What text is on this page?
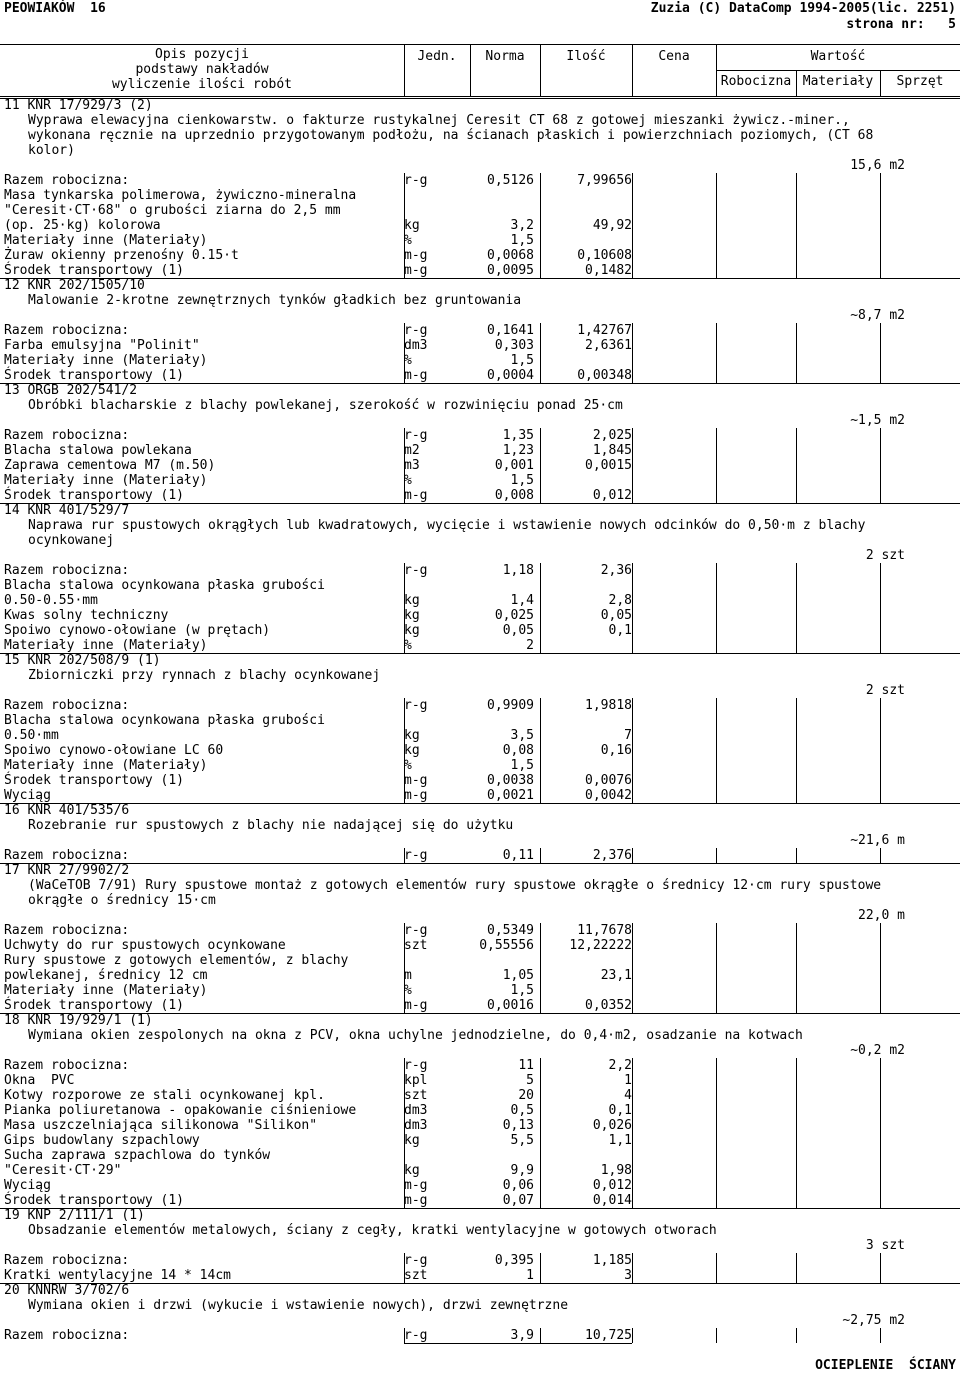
PEOWIAKÓW  16	Zuzia (C) DataComp 1994-2005(lic. 2251)
strona nr:   5
Opis pozycji
podstawy nakładów
wyliczenie ilości robót
Jedn.	Norma	Ilość	Cena	Wartość
Robocizna Materiały	Sprzęt
11 KNR 17/929/3 (2)
Wyprawa elewacyjna cienkowarstw. o fakturze rustykalnej Ceresit CT 68 z gotowej mieszanki żywicz.-miner.,
wykonana ręcznie na uprzednio przygotowanym podłożu, na ścianach płaskich i powierzchniach poziomych, (CT 68
kolor)
15,6 m2
Razem robocizna:	r-g	0,5126	7,99656
Masa tynkarska polimerowa, żywiczno-mineralna
"Ceresit·CT·68" o grubości ziarna do 2,5 mm
(op. 25·kg) kolorowa	kg	3,2	49,92
Materiały inne (Materiały)	%	1,5
Żuraw okienny przenośny 0.15·t	m-g	0,0068	0,10608
Środek transportowy (1)	m-g	0,0095	0,1482
12 KNR 202/1505/10
Malowanie 2-krotne zewnętrznych tynków gładkich bez gruntowania
~8,7 m2
Razem robocizna:	r-g	0,1641	1,42767
Farba emulsyjna "Polinit"	dm3	0,303	2,6361
Materiały inne (Materiały)	%	1,5
Środek transportowy (1)	m-g	0,0004	0,00348
13 ORGB 202/541/2
Obróbki blacharskie z blachy powlekanej, szerokość w rozwinięciu ponad 25·cm
~1,5 m2
Razem robocizna:	r-g	1,35	2,025
Blacha stalowa powlekana	m2	1,23	1,845
Zaprawa cementowa M7 (m.50)	m3	0,001	0,0015
Materiały inne (Materiały)	%	1,5
Środek transportowy (1)	m-g	0,008	0,012
14 KNR 401/529/7
Naprawa rur spustowych okrągłych lub kwadratowych, wycięcie i wstawienie nowych odcinków do 0,50·m z blachy
ocynkowanej
2 szt
Razem robocizna:	r-g	1,18	2,36
Blacha stalowa ocynkowana płaska grubości
0.50-0.55·mm	kg	1,4	2,8
Kwas solny techniczny	kg	0,025	0,05
Spoiwo cynowo-ołowiane (w prętach)	kg	0,05	0,1
Materiały inne (Materiały)	%	2
15 KNR 202/508/9 (1)
Zbiorniczki przy rynnach z blachy ocynkowanej
2 szt
Razem robocizna:	r-g	0,9909	1,9818
Blacha stalowa ocynkowana płaska grubości
0.50·mm	kg	3,5	7
Spoiwo cynowo-ołowiane LC 60	kg	0,08	0,16
Materiały inne (Materiały)	%	1,5
Środek transportowy (1)	m-g	0,0038	0,0076
Wyciąg	m-g	0,0021	0,0042
16 KNR 401/535/6
Rozebranie rur spustowych z blachy nie nadającej się do użytku
~21,6 m
Razem robocizna:	r-g	0,11	2,376
17 KNR 27/9902/2
(WaCeTOB 7/91) Rury spustowe montaż z gotowych elementów rury spustowe okrągłe o średnicy 12·cm rury spustowe
okrągłe o średnicy 15·cm
22,0 m
Razem robocizna:	r-g	0,5349	11,7678
Uchwyty do rur spustowych ocynkowane	szt	0,55556	12,22222
Rury spustowe z gotowych elementów, z blachy
powlekanej, średnicy 12 cm	m	1,05	23,1
Materiały inne (Materiały)	%	1,5
Środek transportowy (1)	m-g	0,0016	0,0352
18 KNR 19/929/1 (1)
Wymiana okien zespolonych na okna z PCV, okna uchylne jednodzielne, do 0,4·m2, osadzanie na kotwach
~0,2 m2
Razem robocizna:	r-g	11	2,2
Okna  PVC	kpl	5	1
Kotwy rozporowe ze stali ocynkowanej kpl.	szt	20	4
Pianka poliuretanowa - opakowanie ciśnieniowe	dm3	0,5	0,1
Masa uszczelniająca silikonowa "Silikon"	dm3	0,13	0,026
Gips budowlany szpachlowy	kg	5,5	1,1
Sucha zaprawa szpachlowa do tynków
"Ceresit·CT·29"	kg	9,9	1,98
Wyciąg	m-g	0,06	0,012
Środek transportowy (1)	m-g	0,07	0,014
19 KNP 2/111/1 (1)
Obsadzanie elementów metalowych, ściany z cegły, kratki wentylacyjne w gotowych otworach
3 szt
Razem robocizna:	r-g	0,395	1,185
Kratki wentylacyjne 14 * 14cm	szt	1	3
20 KNNRW 3/702/6
Wymiana okien i drzwi (wykucie i wstawienie nowych), drzwi zewnętrzne
~2,75 m2
Razem robocizna:	r-g	3,9	10,725
OCIEPLENIE  ŚCIANY
